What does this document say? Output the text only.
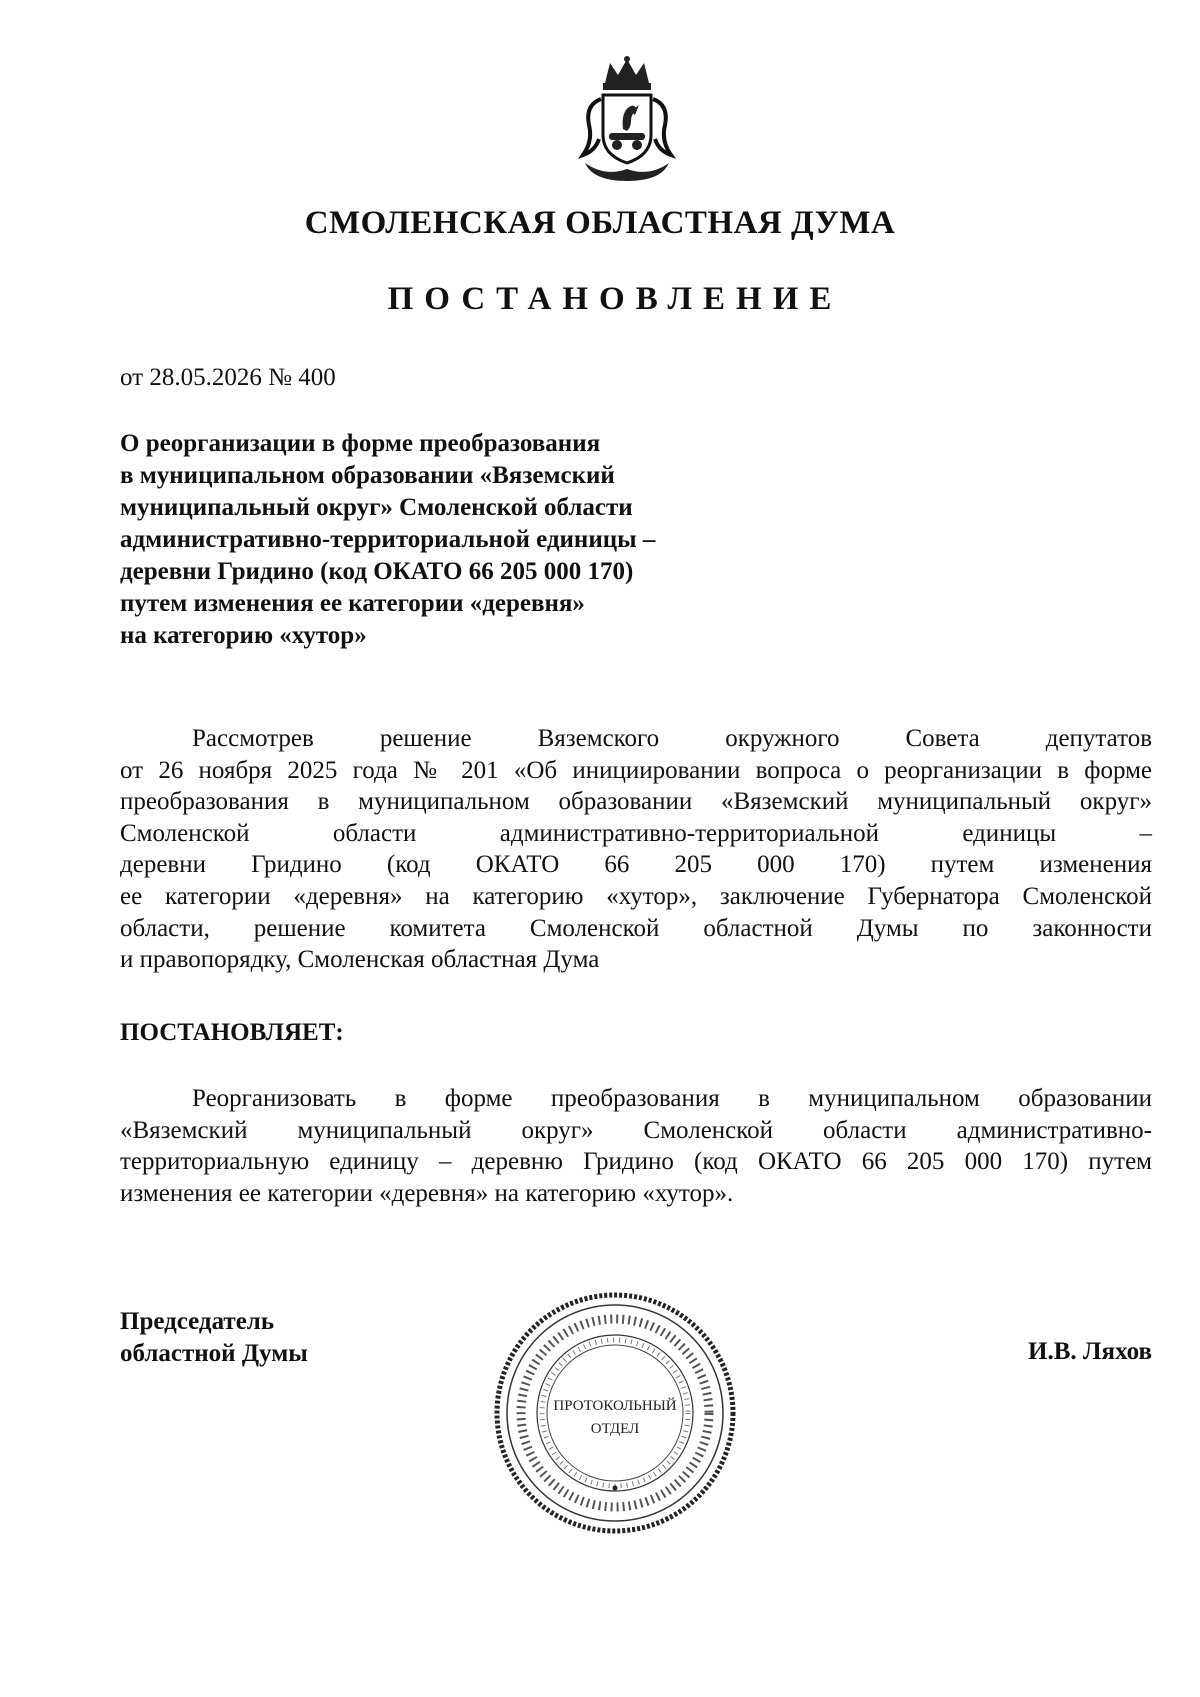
СМОЛЕНСКАЯ ОБЛАСТНАЯ ДУМА
ПОСТАНОВЛЕНИЕ
от 28.05.2026 № 400
О реорганизации в форме преобразования
в муниципальном образовании «Вяземский
муниципальный округ» Смоленской области
административно-территориальной единицы –
деревни Гридино (код ОКАТО 66 205 000 170)
путем изменения ее категории «деревня»
на категорию «хутор»
Рассмотрев решение Вяземского окружного Совета депутатов
от 26 ноября 2025 года № 201 «Об инициировании вопроса о реорганизации в форме
преобразования в муниципальном образовании «Вяземский муниципальный округ»
Смоленской области административно-территориальной единицы –
деревни Гридино (код ОКАТО 66 205 000 170) путем изменения
ее категории «деревня» на категорию «хутор», заключение Губернатора Смоленской
области, решение комитета Смоленской областной Думы по законности
и правопорядку, Смоленская областная Дума
ПОСТАНОВЛЯЕТ:
Реорганизовать в форме преобразования в муниципальном образовании
«Вяземский муниципальный округ» Смоленской области административно-
территориальную единицу – деревню Гридино (код ОКАТО 66 205 000 170) путем
изменения ее категории «деревня» на категорию «хутор».
Председатель
областной Думы
ПРОТОКОЛЬНЫЙ
ОТДЕЛ
И.В. Ляхов
